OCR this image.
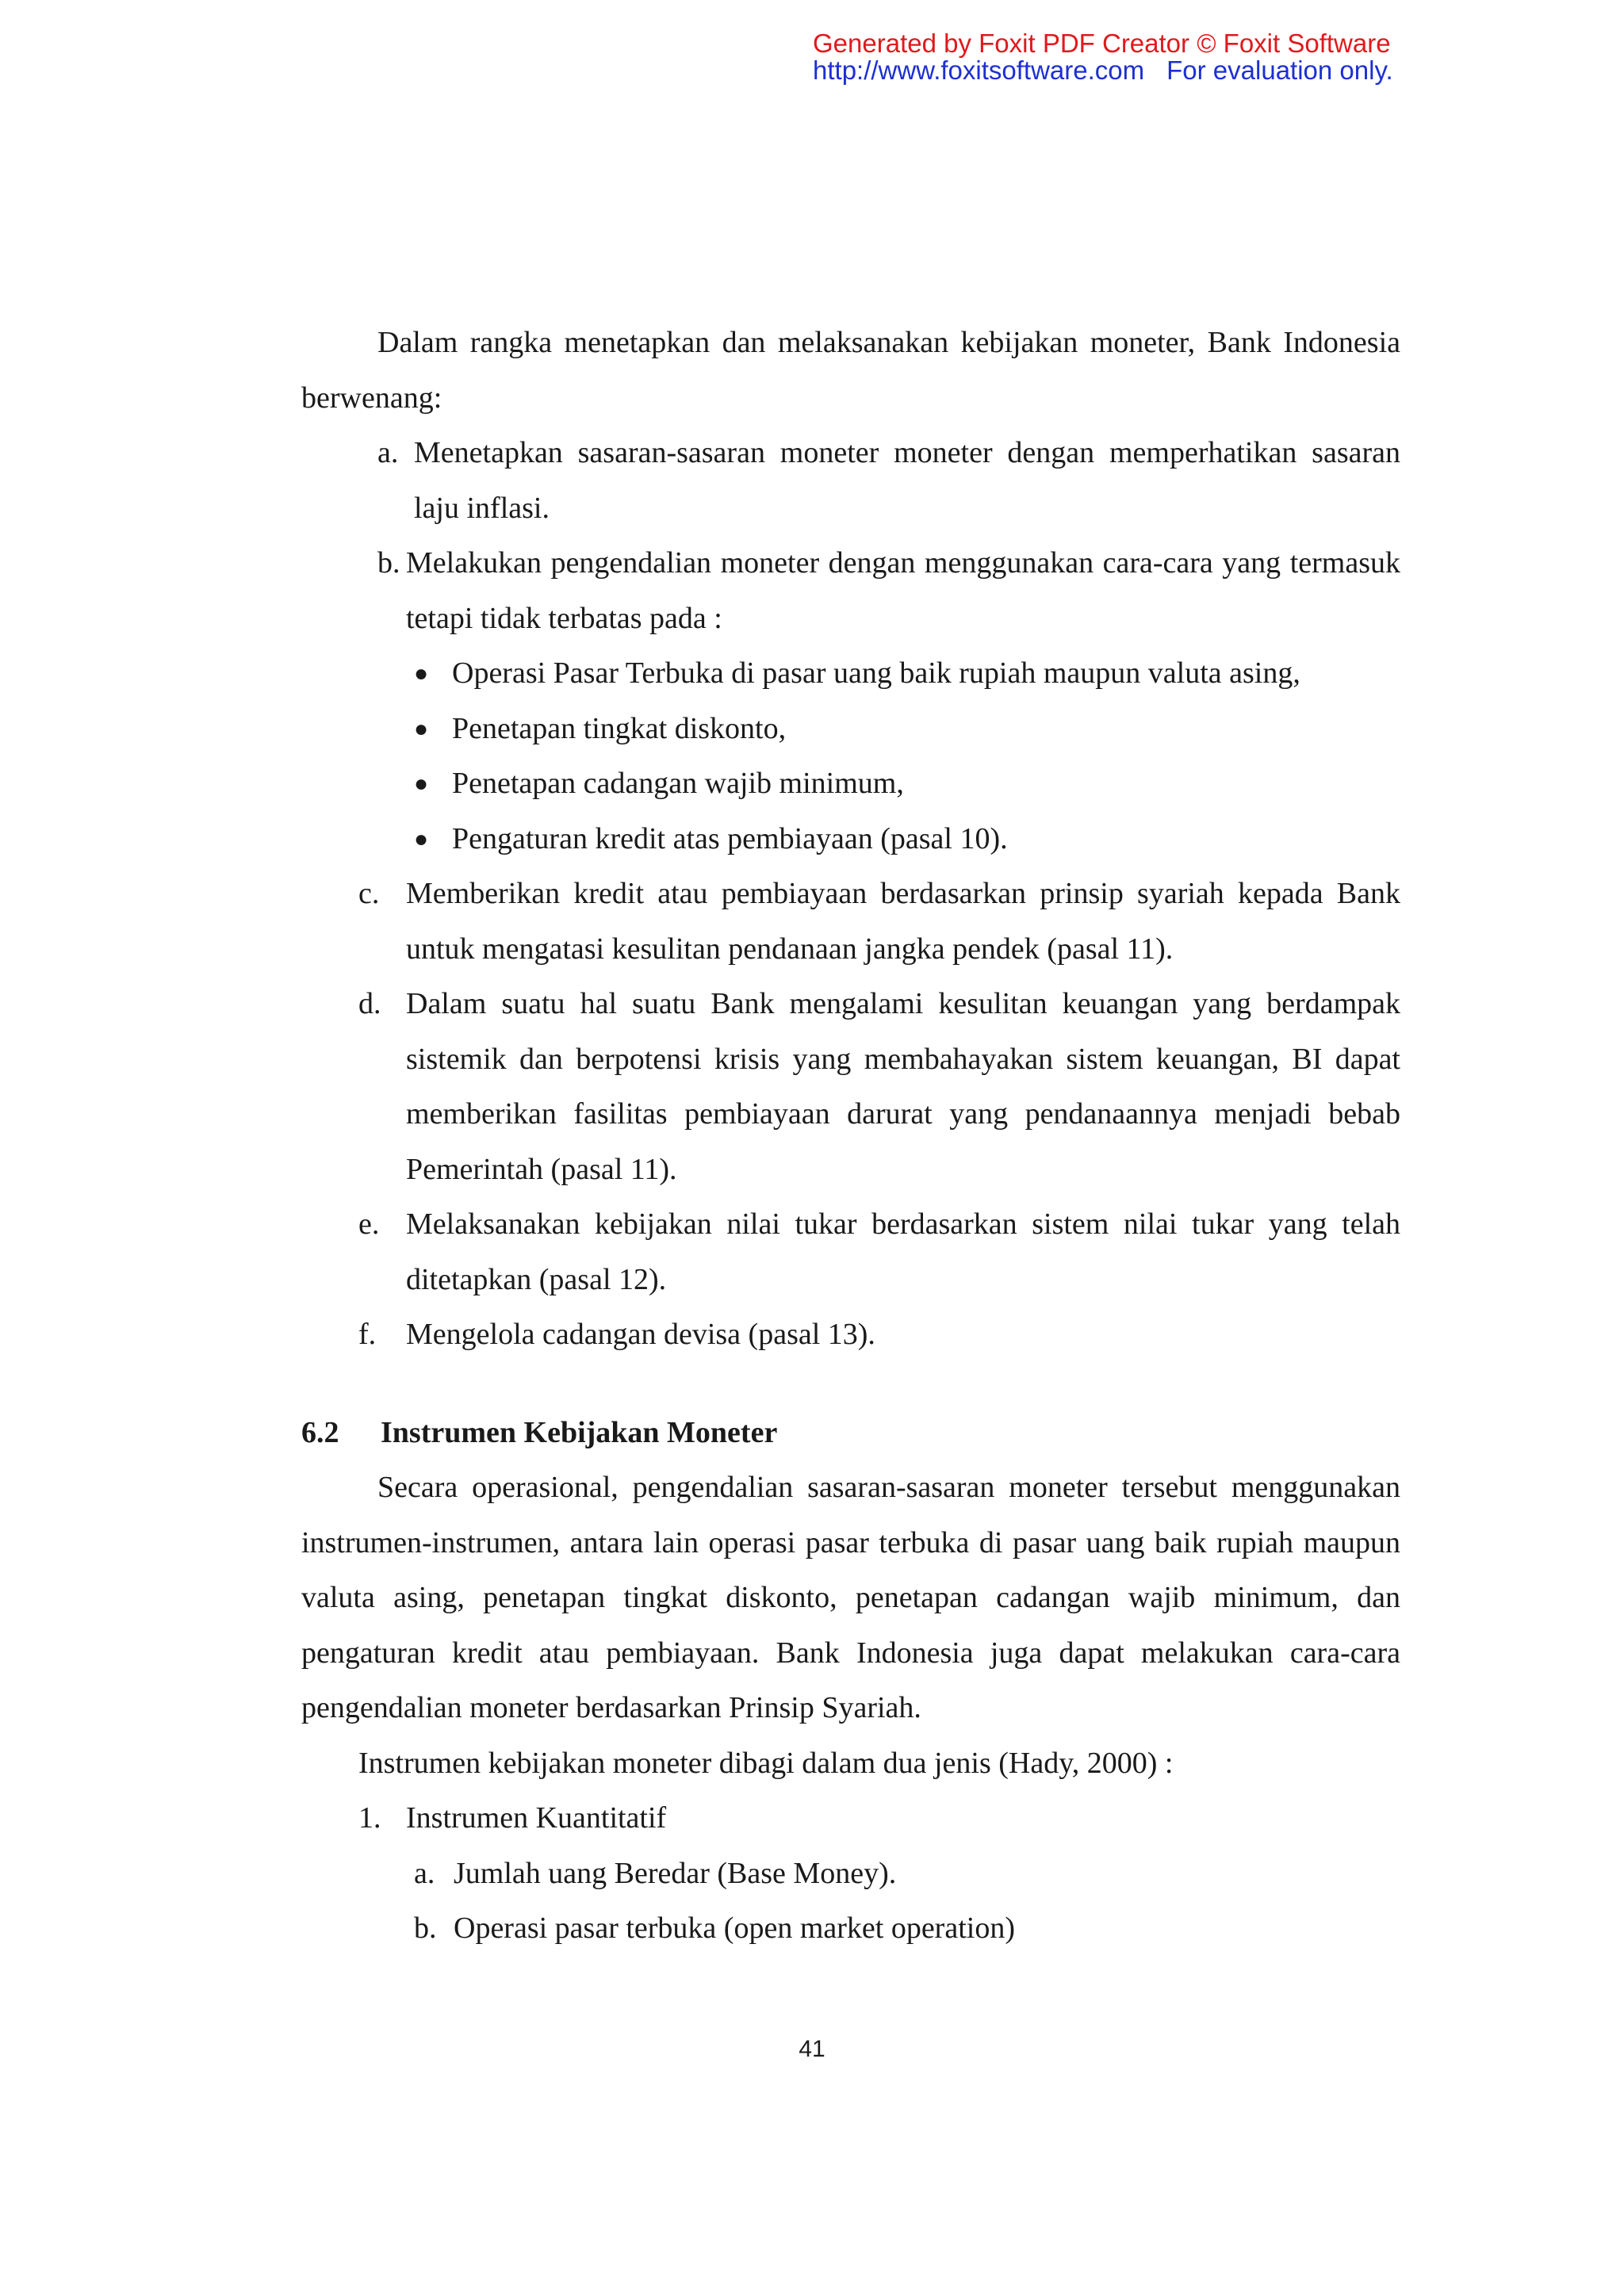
Generated by Foxit PDF Creator © Foxit Software
http://www.foxitsoftware.com For evaluation only.

Dalam rangka menetapkan dan melaksanakan kebijakan moneter, Bank Indonesia berwenang:

a. Menetapkan sasaran-sasaran moneter moneter dengan memperhatikan sasaran laju inflasi.
b. Melakukan pengendalian moneter dengan menggunakan cara-cara yang termasuk tetapi tidak terbatas pada :
● Operasi Pasar Terbuka di pasar uang baik rupiah maupun valuta asing,
● Penetapan tingkat diskonto,
● Penetapan cadangan wajib minimum,
● Pengaturan kredit atas pembiayaan (pasal 10).
c. Memberikan kredit atau pembiayaan berdasarkan prinsip syariah kepada Bank untuk mengatasi kesulitan pendanaan jangka pendek (pasal 11).
d. Dalam suatu hal suatu Bank mengalami kesulitan keuangan yang berdampak sistemik dan berpotensi krisis yang membahayakan sistem keuangan, BI dapat memberikan fasilitas pembiayaan darurat yang pendanaannya menjadi bebab Pemerintah (pasal 11).
e. Melaksanakan kebijakan nilai tukar berdasarkan sistem nilai tukar yang telah ditetapkan (pasal 12).
f. Mengelola cadangan devisa (pasal 13).

6.2 Instrumen Kebijakan Moneter

Secara operasional, pengendalian sasaran-sasaran moneter tersebut menggunakan instrumen-instrumen, antara lain operasi pasar terbuka di pasar uang baik rupiah maupun valuta asing, penetapan tingkat diskonto, penetapan cadangan wajib minimum, dan pengaturan kredit atau pembiayaan. Bank Indonesia juga dapat melakukan cara-cara pengendalian moneter berdasarkan Prinsip Syariah.

Instrumen kebijakan moneter dibagi dalam dua jenis (Hady, 2000) :

1. Instrumen Kuantitatif
a. Jumlah uang Beredar (Base Money).
b. Operasi pasar terbuka (open market operation)
41
